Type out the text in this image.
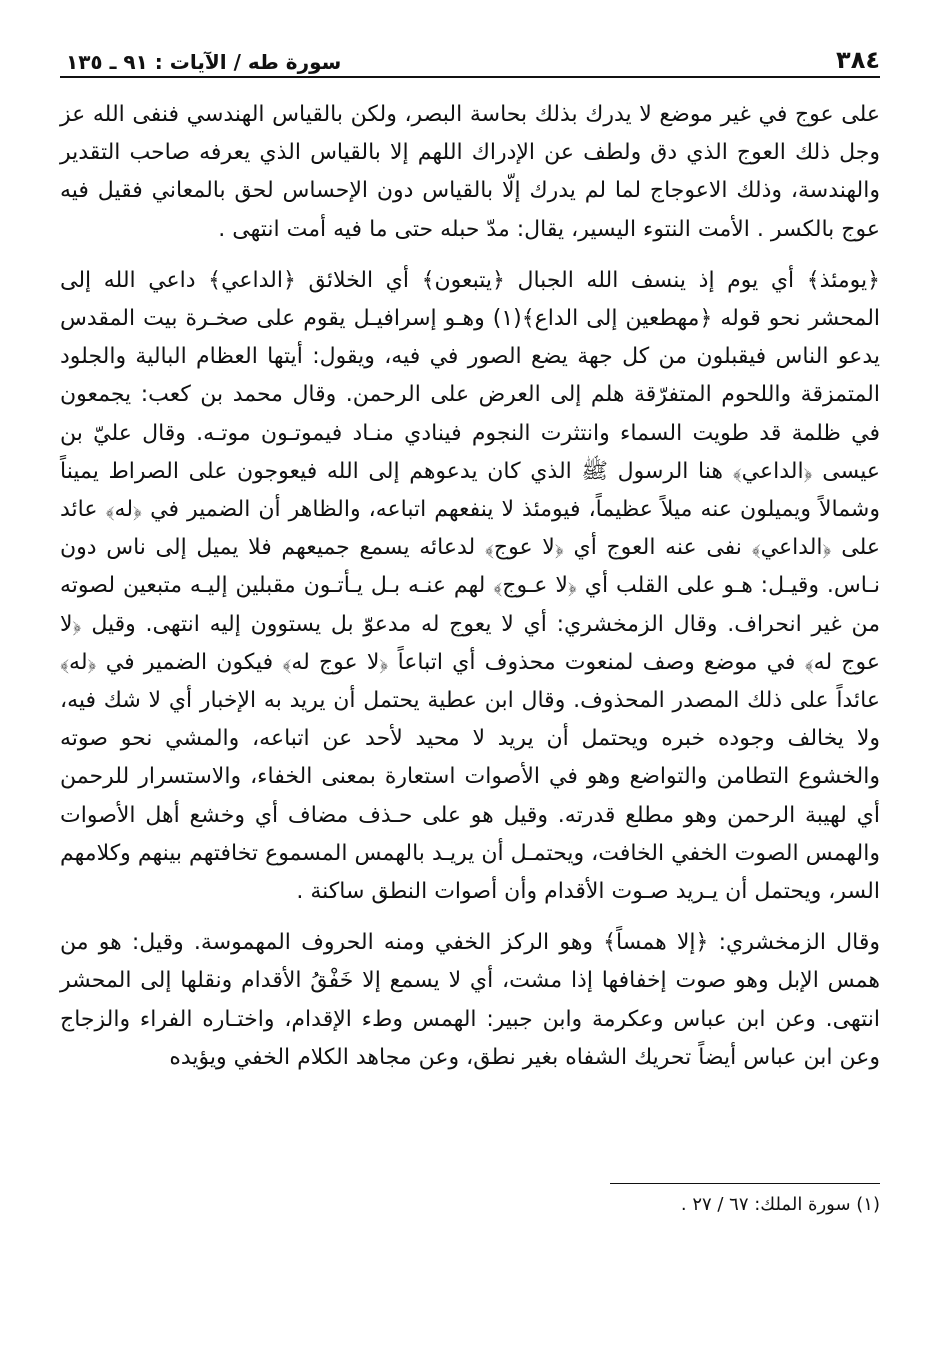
٣٨٤
سورة طه / الآيات : ٩١ ـ ١٣٥

على عوج في غير موضع لا يدرك بذلك بحاسة البصر، ولكن بالقياس الهندسي فنفى الله عز وجل ذلك العوج الذي دق ولطف عن الإدراك اللهم إلا بالقياس الذي يعرفه صاحب التقدير والهندسة، وذلك الاعوجاج لما لم يدرك إلّا بالقياس دون الإحساس لحق بالمعاني فقيل فيه عوج بالكسر . الأمت النتوء اليسير، يقال: مدّ حبله حتى ما فيه أمت انتهى .

﴿يومئذ﴾ أي يوم إذ ينسف الله الجبال ﴿يتبعون﴾ أي الخلائق ﴿الداعي﴾ داعي الله إلى المحشر نحو قوله ﴿مهطعين إلى الداع﴾(١) وهـو إسرافيـل يقوم على صخـرة بيت المقدس يدعو الناس فيقبلون من كل جهة يضع الصور في فيه، ويقول: أيتها العظام البالية والجلود المتمزقة واللحوم المتفرّقة هلم إلى العرض على الرحمن. وقال محمد بن كعب: يجمعون في ظلمة قد طويت السماء وانتثرت النجوم فينادي منـاد فيموتـون موتـه. وقال عليّ بن عيسى ﴿الداعي﴾ هنا الرسول ﷺ الذي كان يدعوهم إلى الله فيعوجون على الصراط يميناً وشمالاً ويميلون عنه ميلاً عظيماً، فيومئذ لا ينفعهم اتباعه، والظاهر أن الضمير في ﴿له﴾ عائد على ﴿الداعي﴾ نفى عنه العوج أي ﴿لا عوج﴾ لدعائه يسمع جميعهم فلا يميل إلى ناس دون نـاس. وقيـل: هـو على القلب أي ﴿لا عـوج﴾ لهم عنـه بـل يـأتـون مقبلين إليـه متبعين لصوته من غير انحراف. وقال الزمخشري: أي لا يعوج له مدعوّ بل يستوون إليه انتهى. وقيل ﴿لا عوج له﴾ في موضع وصف لمنعوت محذوف أي اتباعاً ﴿لا عوج له﴾ فيكون الضمير في ﴿له﴾ عائداً على ذلك المصدر المحذوف. وقال ابن عطية يحتمل أن يريد به الإخبار أي لا شك فيه، ولا يخالف وجوده خبره ويحتمل أن يريد لا محيد لأحد عن اتباعه، والمشي نحو صوته والخشوع التطامن والتواضع وهو في الأصوات استعارة بمعنى الخفاء، والاستسرار للرحمن أي لهيبة الرحمن وهو مطلع قدرته. وقيل هو على حـذف مضاف أي وخشع أهل الأصوات والهمس الصوت الخفي الخافت، ويحتمـل أن يريـد بالهمس المسموع تخافتهم بينهم وكلامهم السر، ويحتمل أن يـريد صـوت الأقدام وأن أصوات النطق ساكنة .

وقال الزمخشري: ﴿إلا همساً﴾ وهو الركز الخفي ومنه الحروف المهموسة. وقيل: هو من همس الإبل وهو صوت إخفافها إذا مشت، أي لا يسمع إلا خَفْقُ الأقدام ونقلها إلى المحشر انتهى. وعن ابن عباس وعكرمة وابن جبير: الهمس وطء الإقدام، واختـاره الفراء والزجاج وعن ابن عباس أيضاً تحريك الشفاه بغير نطق، وعن مجاهد الكلام الخفي ويؤيده

(١) سورة الملك: ٦٧ / ٢٧ .
